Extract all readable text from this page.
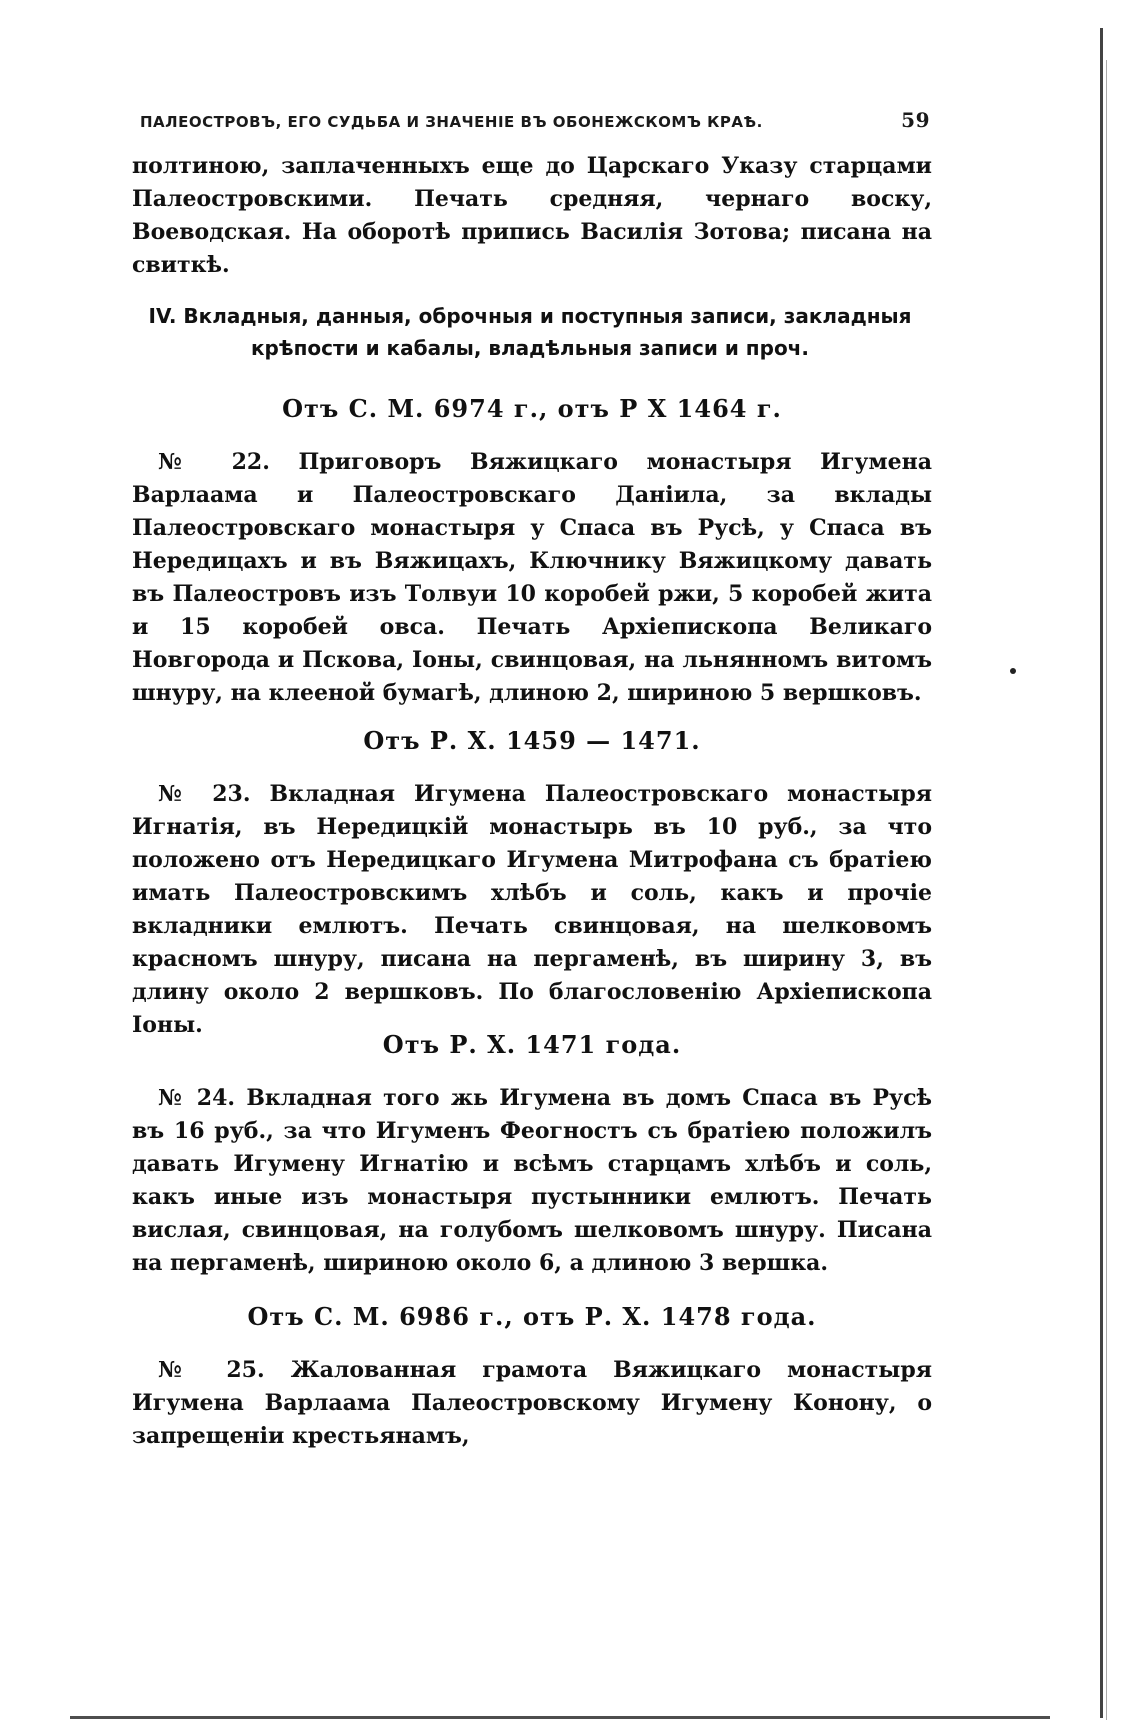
ПАЛЕОСТРОВЪ, ЕГО СУДЬБА И ЗНАЧЕНІЕ ВЪ ОБОНЕЖСКОМЪ КРАѢ.	59

полтиною, заплаченныхъ еще до Царскаго Указу старцами Палеостровскими. Печать средняя, чернаго воску, Воеводская. На оборотѣ припись Василія Зотова; писана на свиткѣ.

IV. Вкладныя, данныя, оброчныя и поступныя записи, закладныя крѣпости и кабалы, владѣльныя записи и проч.
Отъ С. М. 6974 г., отъ Р Х 1464 г.

№ 22. Приговоръ Вяжицкаго монастыря Игумена Варлаама и Палеостровскаго Данiила, за вклады Палеостровскаго монастыря у Спаса въ Русѣ, у Спаса въ Нередицахъ и въ Вяжицахъ, Ключнику Вяжицкому давать въ Палеостровъ изъ Толвуи 10 коробей ржи, 5 коробей жита и 15 коробей овса. Печать Архiепископа Великаго Новгорода и Пскова, Іоны, свинцовая, на льнянномъ витомъ шнуру, на клееной бумагѣ, длиною 2, шириною 5 вершковъ.

Отъ Р. Х. 1459 — 1471.

№ 23. Вкладная Игумена Палеостровскаго монастыря Игнатія, въ Нередицкій монастырь въ 10 руб., за что положено отъ Нередицкаго Игумена Митрофана съ братiею имать Палеостровскимъ хлѣбъ и соль, какъ и прочiе вкладники емлютъ. Печать свинцовая, на шелковомъ красномъ шнуру, писана на пергаменѣ, въ ширину 3, въ длину около 2 вершковъ. По благословенiю Архiепископа Іоны.

Отъ Р. Х. 1471 года.

№ 24. Вкладная того жь Игумена въ домъ Спаса въ Русѣ въ 16 руб., за что Игуменъ Феогностъ съ братiею положилъ давать Игумену Игнатiю и всѣмъ старцамъ хлѣбъ и соль, какъ иные изъ монастыря пустынники емлютъ. Печать вислая, свинцовая, на голубомъ шелковомъ шнуру. Писана на пергаменѣ, шириною около 6, а длиною 3 вершка.

Отъ С. М. 6986 г., отъ Р. Х. 1478 года.

№ 25. Жалованная грамота Вяжицкаго монастыря Игумена Варлаама Палеостровскому Игумену Конону, о запрещенiи крестьянамъ,
